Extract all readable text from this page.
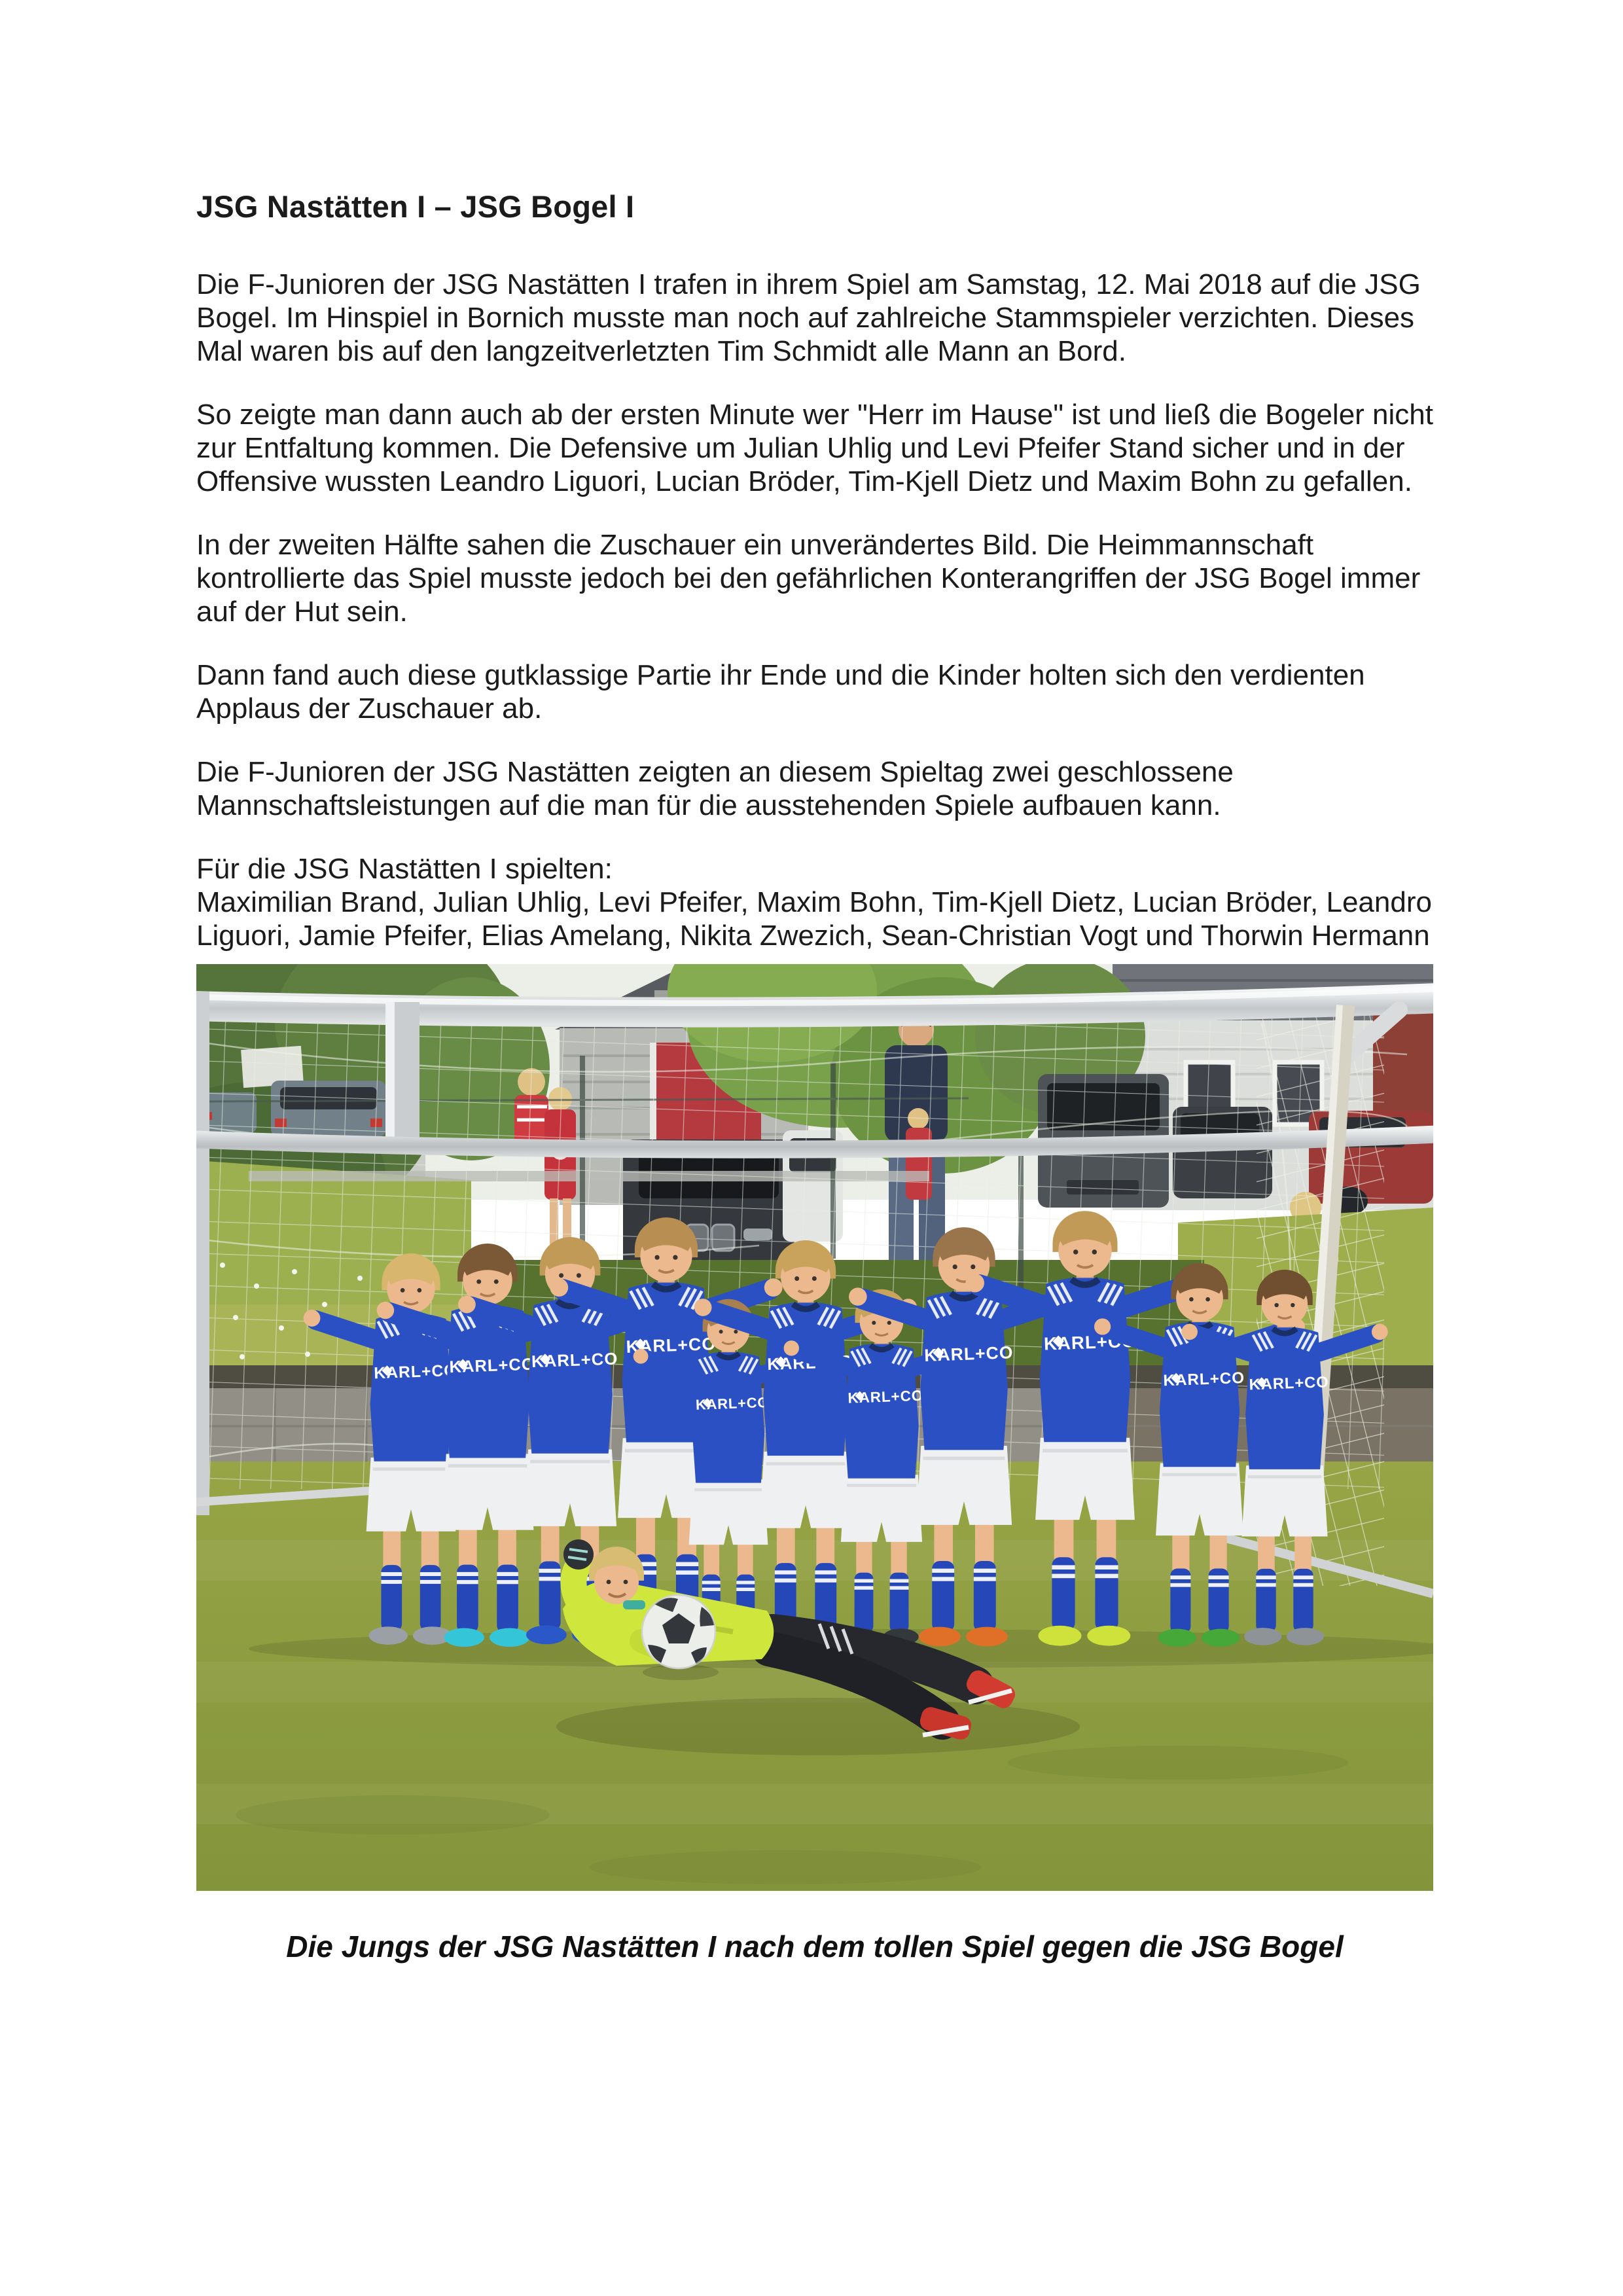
JSG Nastätten I – JSG Bogel I

Die F-Junioren der JSG Nastätten I trafen in ihrem Spiel am Samstag, 12. Mai 2018 auf die JSG Bogel. Im Hinspiel in Bornich musste man noch auf zahlreiche Stammspieler verzichten. Dieses Mal waren bis auf den langzeitverletzten Tim Schmidt alle Mann an Bord.

So zeigte man dann auch ab der ersten Minute wer "Herr im Hause" ist und ließ die Bogeler nicht zur Entfaltung kommen. Die Defensive um Julian Uhlig und Levi Pfeifer Stand sicher und in der Offensive wussten Leandro Liguori, Lucian Bröder, Tim-Kjell Dietz und Maxim Bohn zu gefallen.

In der zweiten Hälfte sahen die Zuschauer ein unverändertes Bild. Die Heimmannschaft kontrollierte das Spiel musste jedoch bei den gefährlichen Konterangriffen der JSG Bogel immer auf der Hut sein.

Dann fand auch diese gutklassige Partie ihr Ende und die Kinder holten sich den verdienten Applaus der Zuschauer ab.

Die F-Junioren der JSG Nastätten zeigten an diesem Spieltag zwei geschlossene Mannschaftsleistungen auf die man für die ausstehenden Spiele aufbauen kann.

Für die JSG Nastätten I spielten:
Maximilian Brand, Julian Uhlig, Levi Pfeifer, Maxim Bohn, Tim-Kjell Dietz, Lucian Bröder, Leandro Liguori, Jamie Pfeifer, Elias Amelang, Nikita Zwezich, Sean-Christian Vogt und Thorwin Hermann
Die Jungs der JSG Nastätten I nach dem tollen Spiel gegen die JSG Bogel
